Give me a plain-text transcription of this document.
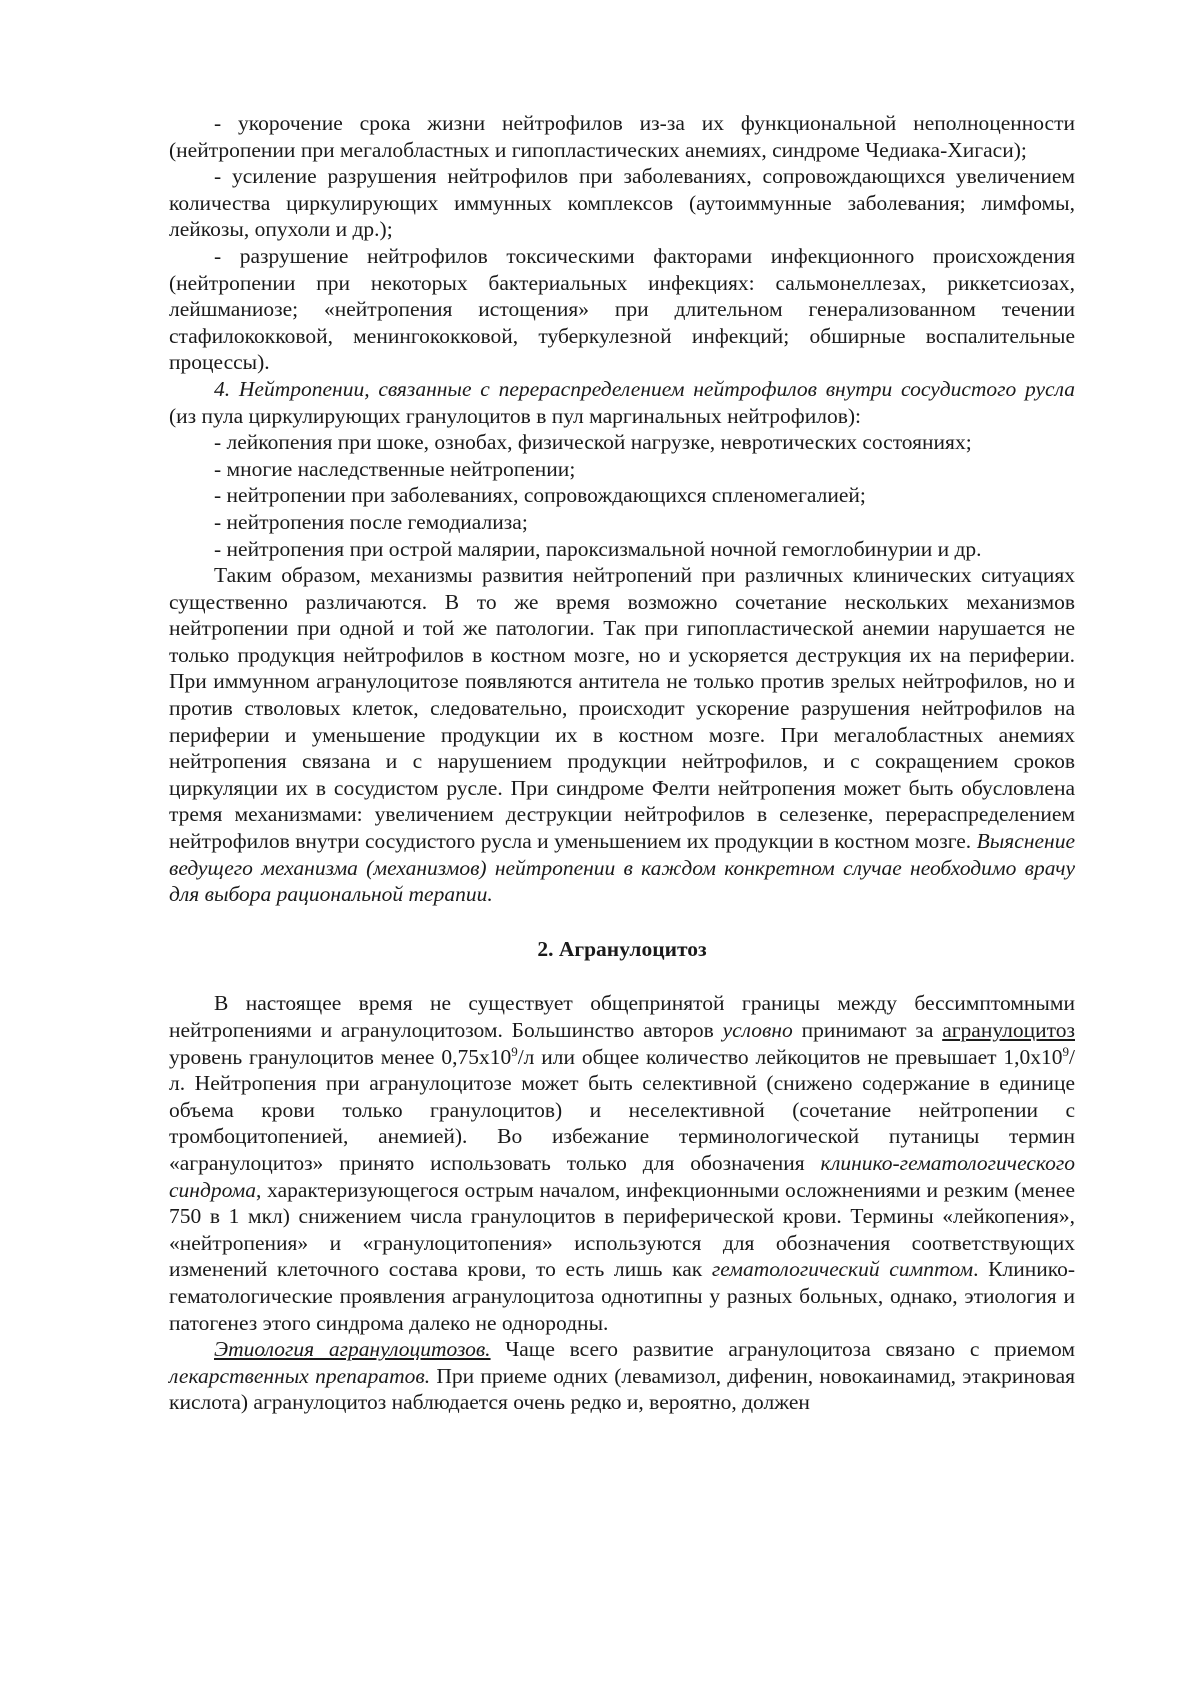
- укорочение срока жизни нейтрофилов из-за их функциональной неполноценности (нейтропении при мегалобластных и гипопластических анемиях, синдроме Чедиака-Хигаси);

- усиление разрушения нейтрофилов при заболеваниях, сопровождающихся увеличением количества циркулирующих иммунных комплексов (аутоиммунные заболевания; лимфомы, лейкозы, опухоли и др.);

- разрушение нейтрофилов токсическими факторами инфекционного происхождения (нейтропении при некоторых бактериальных инфекциях: сальмонеллезах, риккетсиозах, лейшманиозе; «нейтропения истощения» при длительном генерализованном течении стафилококковой, менингококковой, туберкулезной инфекций; обширные воспалительные процессы).

4. Нейтропении, связанные с перераспределением нейтрофилов внутри сосудистого русла (из пула циркулирующих гранулоцитов в пул маргинальных нейтрофилов):

- лейкопения при шоке, ознобах, физической нагрузке, невротических состояниях;

- многие наследственные нейтропении;

- нейтропении при заболеваниях, сопровождающихся спленомегалией;

- нейтропения после гемодиализа;

- нейтропения при острой малярии, пароксизмальной ночной гемоглобинурии и др.

Таким образом, механизмы развития нейтропений при различных клинических ситуациях существенно различаются. В то же время возможно сочетание нескольких механизмов нейтропении при одной и той же патологии. Так при гипопластической анемии нарушается не только продукция нейтрофилов в костном мозге, но и ускоряется деструкция их на периферии. При иммунном агранулоцитозе появляются антитела не только против зрелых нейтрофилов, но и против стволовых клеток, следовательно, происходит ускорение разрушения нейтрофилов на периферии и уменьшение продукции их в костном мозге. При мегалобластных анемиях нейтропения связана и с нарушением продукции нейтрофилов, и с сокращением сроков циркуляции их в сосудистом русле. При синдроме Фелти нейтропения может быть обусловлена тремя механизмами: увеличением деструкции нейтрофилов в селезенке, перераспределением нейтрофилов внутри сосудистого русла и уменьшением их продукции в костном мозге. Выяснение ведущего механизма (механизмов) нейтропении в каждом конкретном случае необходимо врачу для выбора рациональной терапии.

2. Агранулоцитоз

В настоящее время не существует общепринятой границы между бессимптомными нейтропениями и агранулоцитозом. Большинство авторов условно принимают за агранулоцитоз уровень гранулоцитов менее $0,75х10^9/л$ или общее количество лейкоцитов не превышает $1,0х10^9/л$. Нейтропения при агранулоцитозе может быть селективной (снижено содержание в единице объема крови только гранулоцитов) и неселективной (сочетание нейтропении с тромбоцитопенией, анемией). Во избежание терминологической путаницы термин «агранулоцитоз» принято использовать только для обозначения клинико-гематологического синдрома, характеризующегося острым началом, инфекционными осложнениями и резким (менее 750 в 1 мкл) снижением числа гранулоцитов в периферической крови. Термины «лейкопения», «нейтропения» и «гранулоцитопения» используются для обозначения соответствующих изменений клеточного состава крови, то есть лишь как гематологический симптом. Клинико-гематологические проявления агранулоцитоза однотипны у разных больных, однако, этиология и патогенез этого синдрома далеко не однородны.

Этиология агранулоцитозов. Чаще всего развитие агранулоцитоза связано с приемом лекарственных препаратов. При приеме одних (левамизол, дифенин, новокаинамид, этакриновая кислота) агранулоцитоз наблюдается очень редко и, вероятно, должен
